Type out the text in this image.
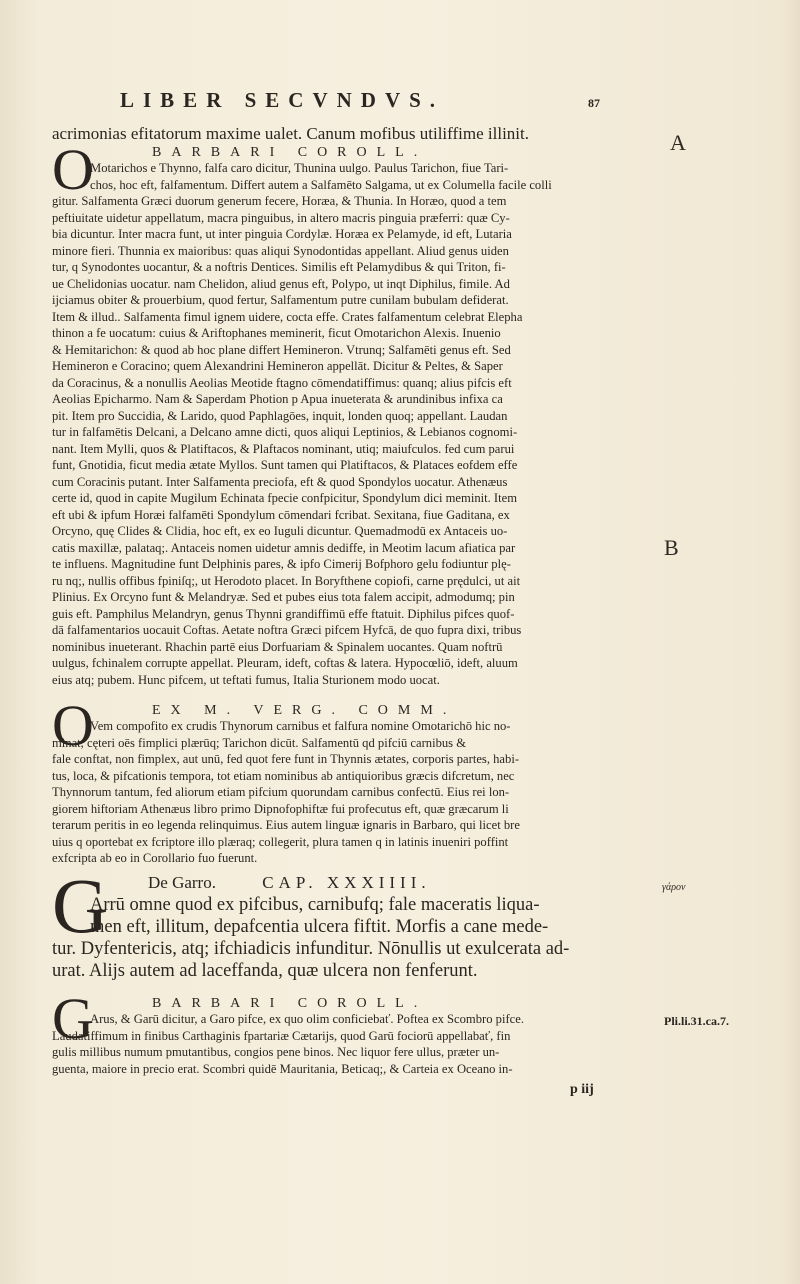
LIBER SECVNDVS.	87
A
B
acrimonias efitatorum maxime ualet. Canum mofibus utiliffime illinit.
O	BARBARI COROLL.
Motarichos e Thynno, falfa caro dicitur, Thunina uulgo. Paulus Tarichon, fiue Tari-
chos, hoc eft, falfamentum. Differt autem a Salfamēto Salgama, ut ex Columella facile colli
gitur. Salfamenta Græci duorum generum fecere, Horæa, & Thunia. In Horæo, quod a tem
peftiuitate uidetur appellatum, macra pinguibus, in altero macris pinguia præferri: quæ Cy-
bia dicuntur. Inter macra funt, ut inter pinguia Cordylæ. Horæa ex Pelamyde, id eft, Lutaria
minore fieri. Thunnia ex maioribus: quas aliqui Synodontidas appellant. Aliud genus uiden
tur, q Synodontes uocantur, & a noftris Dentices. Similis eft Pelamydibus & qui Triton, fi-
ue Chelidonias uocatur. nam Chelidon, aliud genus eft, Polypo, ut inqt Diphilus, fimile. Ad
ijciamus obiter & prouerbium, quod fertur, Salfamentum putre cunilam bubulam defiderat.
Item & illud.. Salfamenta fimul ignem uidere, cocta effe. Crates falfamentum celebrat Elepha
thinon a fe uocatum: cuius & Ariftophanes meminerit, ficut Omotarichon Alexis. Inuenio
& Hemitarichon: & quod ab hoc plane differt Hemineron. Vtrunq; Salfamēti genus eft. Sed
Hemineron e Coracino; quem Alexandrini Hemineron appellāt. Dicitur & Peltes, & Saper
da Coracinus, & a nonullis Aeolias Meotide ftagno cōmendatiffimus: quanq; alius pifcis eft
Aeolias Epicharmo. Nam & Saperdam Photion p Apua inueterata & arundinibus infixa ca
pit. Item pro Succidia, & Larido, quod Paphlagōes, inquit, londen quoq; appellant. Laudan
tur in falfamētis Delcani, a Delcano amne dicti, quos aliqui Leptinios, & Lebianos cognomi-
nant. Item Mylli, quos & Platiftacos, & Plaftacos nominant, utiq; maiufculos. fed cum parui
funt, Gnotidia, ficut media ætate Myllos. Sunt tamen qui Platiftacos, & Plataces eofdem effe
cum Coracinis putant. Inter Salfamenta preciofa, eft & quod Spondylos uocatur. Athenæus
certe id, quod in capite Mugilum Echinata fpecie confpicitur, Spondylum dici meminit. Item
eft ubi & ipfum Horæi falfamēti Spondylum cōmendari fcribat. Sexitana, fiue Gaditana, ex
Orcyno, quę Clides & Clidia, hoc eft, ex eo Iuguli dicuntur. Quemadmodū ex Antaceis uo-
catis maxillæ, palataq;. Antaceis nomen uidetur amnis dediffe, in Meotim lacum afiatica par
te influens. Magnitudine funt Delphinis pares, & ipfo Cimerij Bofphoro gelu fodiuntur plę-
ru nq;, nullis offibus fpiniſq;, ut Herodoto placet. In Boryfthene copiofi, carne prędulci, ut ait
Plinius. Ex Orcyno funt & Melandryæ. Sed et pubes eius tota falem accipit, admodumq; pin
guis eft. Pamphilus Melandryn, genus Thynni grandiffimū effe ftatuit. Diphilus pifces quof-
dā falfamentarios uocauit Coftas. Aetate noftra Græci pifcem Hyfcā, de quo fupra dixi, tribus
nominibus inueterant. Rhachin partē eius Dorfuariam & Spinalem uocantes. Quam noftrū
uulgus, fchinalem corrupte appellat. Pleuram, ideft, coftas & latera. Hypocœliō, ideft, aluum
eius atq; pubem. Hunc pifcem, ut teftati fumus, Italia Sturionem modo uocat.
O	EX M. VERG. COMM.
Vem compofito ex crudis Thynorum carnibus et falfura nomine Omotarichō hic no-
minat, cęteri oēs fimplici plærūq; Tarichon dicūt. Salfamentū qd pifciū carnibus &
fale conftat, non fimplex, aut unū, fed quot fere funt in Thynnis ætates, corporis partes, habi-
tus, loca, & pifcationis tempora, tot etiam nominibus ab antiquioribus græcis difcretum, nec
Thynnorum tantum, fed aliorum etiam pifcium quorundam carnibus confectū. Eius rei lon-
giorem hiftoriam Athenæus libro primo Dipnofophiftæ fui profecutus eft, quæ græcarum li
terarum peritis in eo legenda relinquimus. Eius autem linguæ ignaris in Barbaro, qui licet bre
uius q oportebat ex fcriptore illo plæraq; collegerit, plura tamen q in latinis inueniri poffint
exfcripta ab eo in Corollario fuo fuerunt.
G	De Garro.	CAP. XXXIIII.
Arrū omne quod ex pifcibus, carnibufq; fale maceratis liqua-
men eft, illitum, depafcentia ulcera fiftit. Morfis a cane mede-
tur. Dyfentericis, atq; ifchiadicis infunditur. Nōnullis ut exulcerata ad-
urat. Alijs autem ad laceffanda, quæ ulcera non fenferunt.
γάρον
G	BARBARI COROLL.
Arus, & Garū dicitur, a Garo pifce, ex quo olim conficiebať. Poftea ex Scombro pifce.
Laudatiffimum in finibus Carthaginis fpartariæ Cætarijs, quod Garū fociorū appellabať, fin
gulis millibus numum pmutantibus, congios pene binos. Nec liquor fere ullus, præter un-
guenta, maiore in precio erat. Scombri quidē Mauritania, Beticaq;, & Carteia ex Oceano in-
Pli.li.31.ca.7.
p iij
